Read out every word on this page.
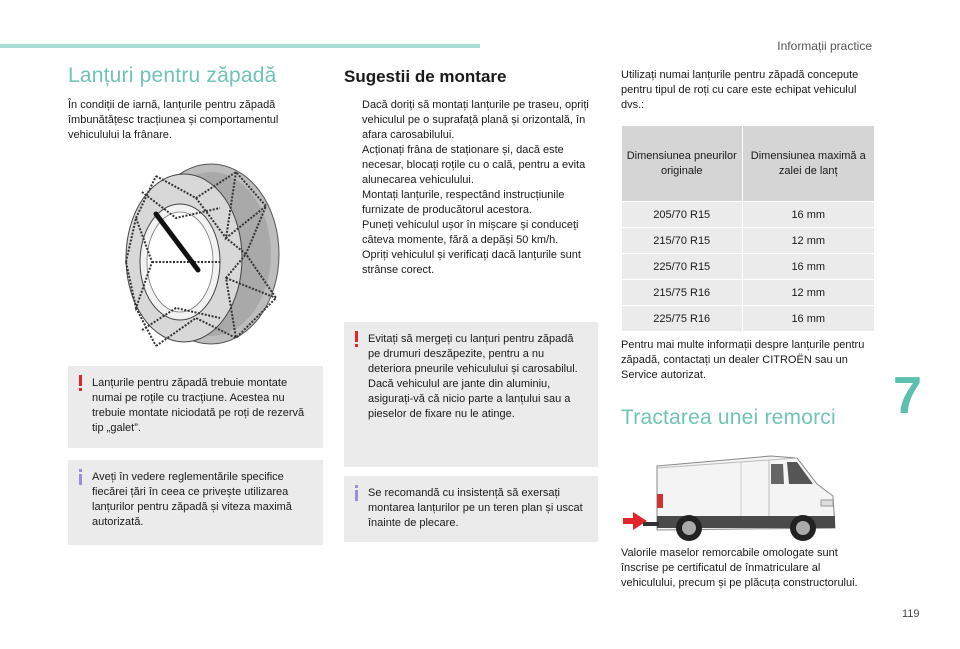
Informații practice
7
119
Lanțuri pentru zăpadă

În condiții de iarnă, lanțurile pentru zăpadă îmbunătățesc tracțiunea și comportamentul vehiculului la frânare.

Lanțurile pentru zăpadă trebuie montate numai pe roțile cu tracțiune. Acestea nu trebuie montate niciodată pe roți de rezervă tip „galet”.
Aveți în vedere reglementările specifice fiecărei țări în ceea ce privește utilizarea lanțurilor pentru zăpadă și viteza maximă autorizată.
Sugestii de montare
Dacă doriți să montați lanțurile pe traseu, opriți vehiculul pe o suprafață plană și orizontală, în afara carosabilului.
Acționați frâna de staționare și, dacă este necesar, blocați roțile cu o cală, pentru a evita alunecarea vehiculului.
Montați lanțurile, respectând instrucțiunile furnizate de producătorul acestora.
Puneți vehiculul ușor în mișcare și conduceți câteva momente, fără a depăși 50 km/h.
Opriți vehiculul și verificați dacă lanțurile sunt strânse corect.
Evitați să mergeți cu lanțuri pentru zăpadă pe drumuri deszăpezite, pentru a nu deteriora pneurile vehiculului și carosabilul. Dacă vehiculul are jante din aluminiu, asigurați-vă că nicio parte a lanțului sau a pieselor de fixare nu le atinge.
Se recomandă cu insistență să exersați montarea lanțurilor pe un teren plan și uscat înainte de plecare.

Utilizați numai lanțurile pentru zăpadă concepute pentru tipul de roți cu care este echipat vehiculul dvs.:

Dimensiunea pneurilor originale	Dimensiunea maximă a zalei de lanț
205/70 R15	16 mm
215/70 R15	12 mm
225/70 R15	16 mm
215/75 R16	12 mm
225/75 R16	16 mm

Pentru mai multe informații despre lanțurile pentru zăpadă, contactați un dealer CITROËN sau un Service autorizat.

Tractarea unei remorci

Valorile maselor remorcabile omologate sunt înscrise pe certificatul de înmatriculare al vehiculului, precum și pe plăcuța constructorului.
